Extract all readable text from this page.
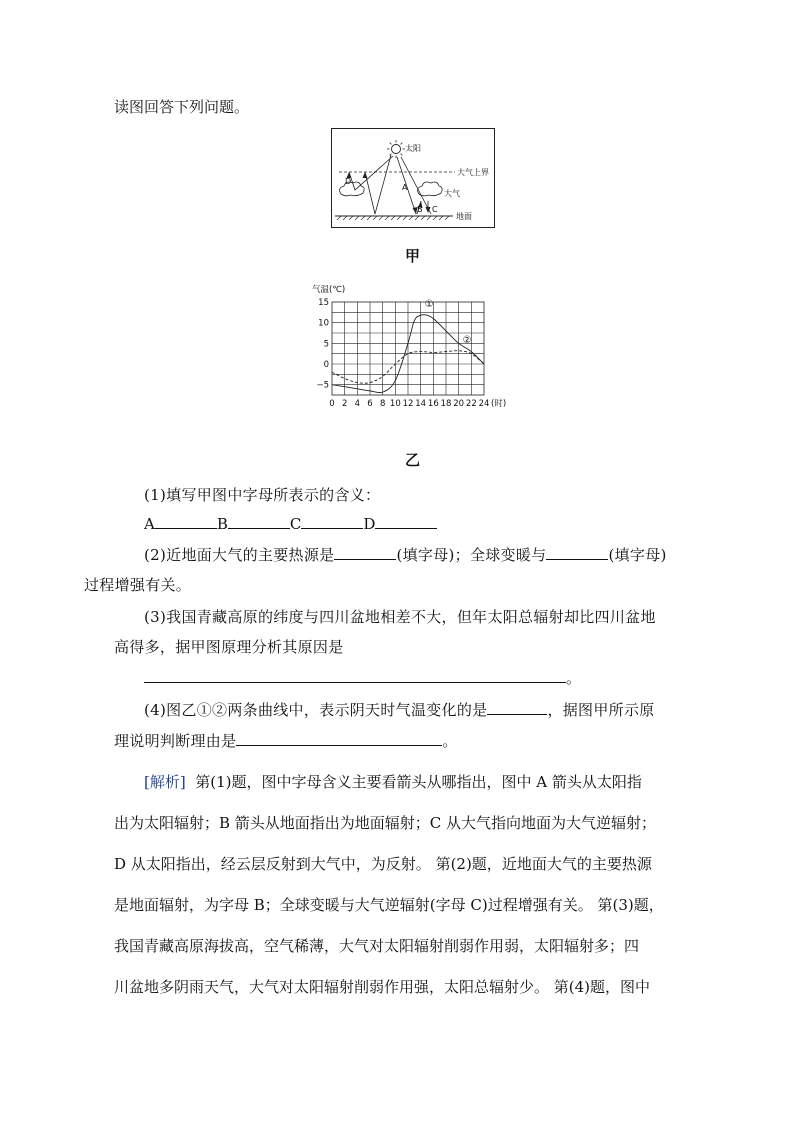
读图回答下列问题。
太阳
大气上界
地面
大气
D
A
B C
甲
气温(℃)
15
10
5
0
−5
0 2 4 6 8 10 12 14 16 18 20 22 24
①
②
(时)
乙
(1)填写甲图中字母所表示的含义：
A	B	C	D
(2)近地面大气的主要热源是	(填字母)；全球变暖与	(填字母)
过程增强有关。
(3)我国青藏高原的纬度与四川盆地相差不大，但年太阳总辐射却比四川盆地
高得多，据甲图原理分析其原因是
。
(4)图乙①②两条曲线中，表示阴天时气温变化的是	，据图甲所示原
理说明判断理由是	。
[解析] 第(1)题，图中字母含义主要看箭头从哪指出，图中 A 箭头从太阳指
出为太阳辐射；B 箭头从地面指出为地面辐射；C 从大气指向地面为大气逆辐射；
D 从太阳指出，经云层反射到大气中，为反射。 第(2)题，近地面大气的主要热源
是地面辐射，为字母 B；全球变暖与大气逆辐射(字母 C)过程增强有关。 第(3)题，
我国青藏高原海拔高，空气稀薄，大气对太阳辐射削弱作用弱，太阳辐射多；四
川盆地多阴雨天气，大气对太阳辐射削弱作用强，太阳总辐射少。 第(4)题，图中
